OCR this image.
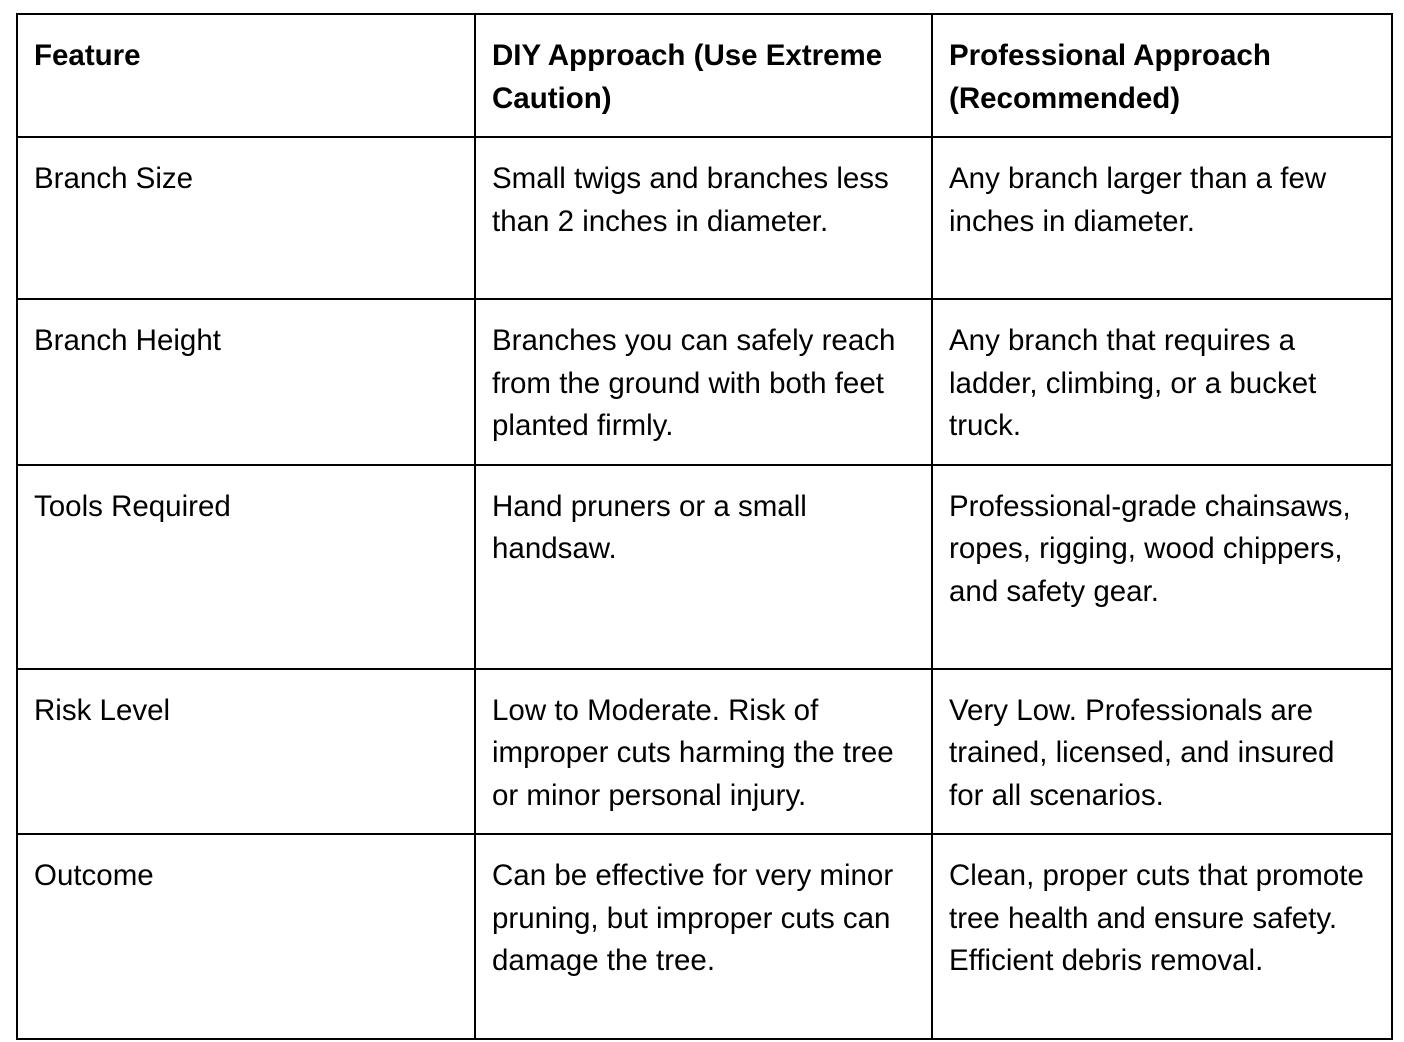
Feature	DIY Approach (Use Extreme Caution)	Professional Approach (Recommended)
Branch Size	Small twigs and branches less than 2 inches in diameter.	Any branch larger than a few inches in diameter.
Branch Height	Branches you can safely reach from the ground with both feet planted firmly.	Any branch that requires a ladder, climbing, or a bucket truck.
Tools Required	Hand pruners or a small handsaw.	Professional-grade chainsaws, ropes, rigging, wood chippers, and safety gear.
Risk Level	Low to Moderate. Risk of improper cuts harming the tree or minor personal injury.	Very Low. Professionals are trained, licensed, and insured for all scenarios.
Outcome	Can be effective for very minor pruning, but improper cuts can damage the tree.	Clean, proper cuts that promote tree health and ensure safety. Efficient debris removal.
